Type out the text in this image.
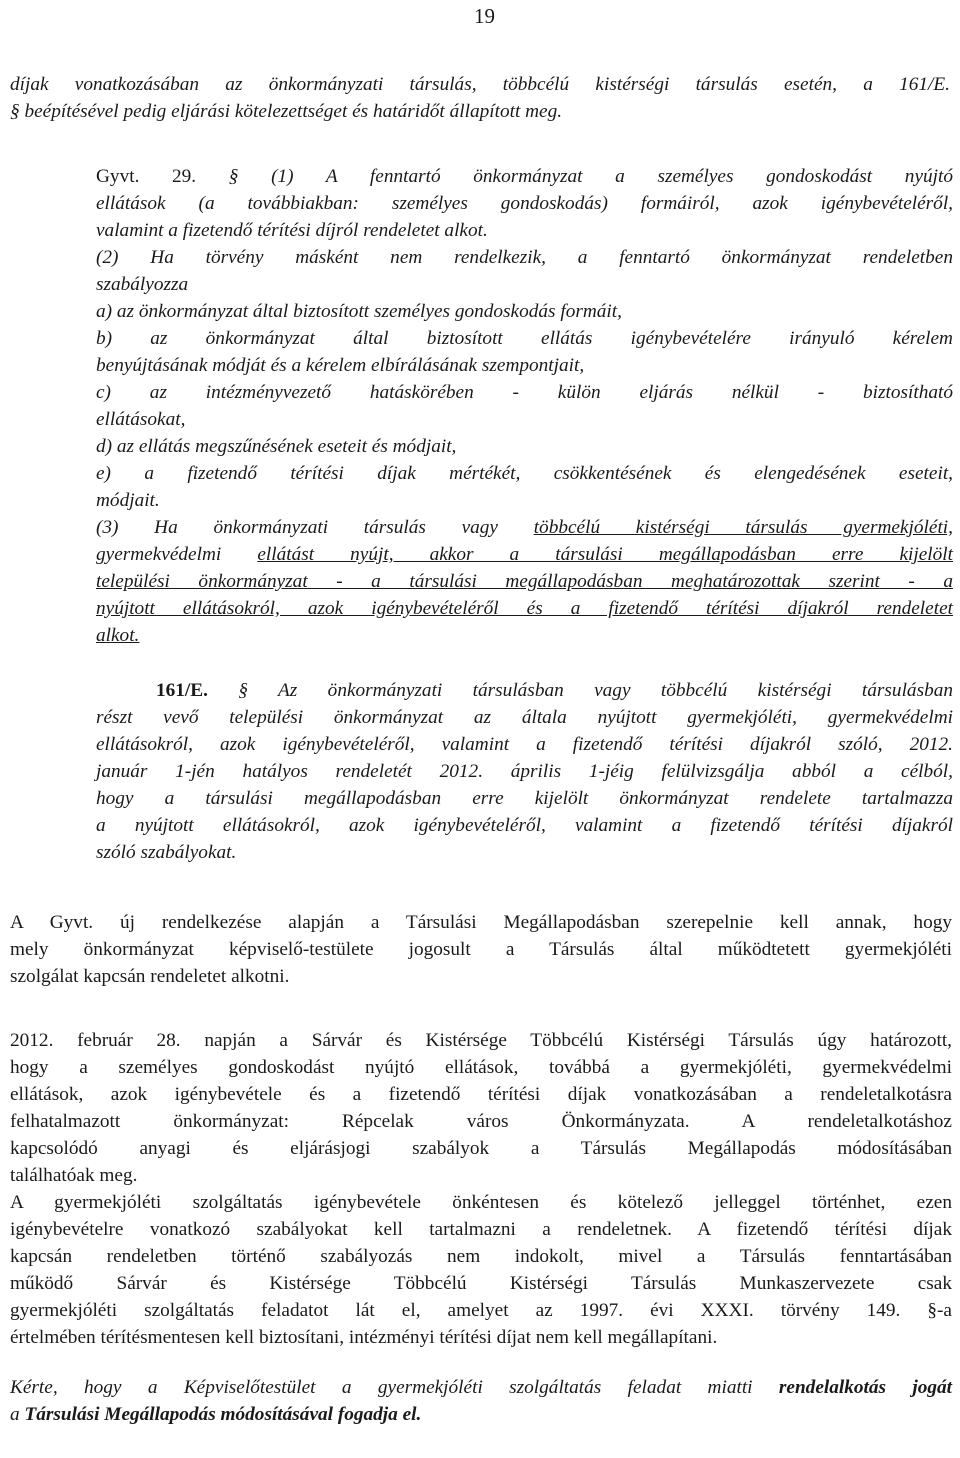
19
díjak vonatkozásában az önkormányzati társulás, többcélú kistérségi társulás esetén, a 161/E.
§ beépítésével pedig eljárási kötelezettséget és határidőt állapított meg.
Gyvt. 29. § (1) A fenntartó önkormányzat a személyes gondoskodást nyújtó
ellátások (a továbbiakban: személyes gondoskodás) formáiról, azok igénybevételéről,
valamint a fizetendő térítési díjról rendeletet alkot.
(2) Ha törvény másként nem rendelkezik, a fenntartó önkormányzat rendeletben
szabályozza
a) az önkormányzat által biztosított személyes gondoskodás formáit,
b) az önkormányzat által biztosított ellátás igénybevételére irányuló kérelem
benyújtásának módját és a kérelem elbírálásának szempontjait,
c) az intézményvezető hatáskörében - külön eljárás nélkül - biztosítható
ellátásokat,
d) az ellátás megszűnésének eseteit és módjait,
e) a fizetendő térítési díjak mértékét, csökkentésének és elengedésének eseteit,
módjait.
(3) Ha önkormányzati társulás vagy többcélú kistérségi társulás gyermekjóléti,
gyermekvédelmi ellátást nyújt, akkor a társulási megállapodásban erre kijelölt
települési önkormányzat - a társulási megállapodásban meghatározottak szerint - a
nyújtott ellátásokról, azok igénybevételéről és a fizetendő térítési díjakról rendeletet
alkot.
161/E. § Az önkormányzati társulásban vagy többcélú kistérségi társulásban
részt vevő települési önkormányzat az általa nyújtott gyermekjóléti, gyermekvédelmi
ellátásokról, azok igénybevételéről, valamint a fizetendő térítési díjakról szóló, 2012.
január 1-jén hatályos rendeletét 2012. április 1-jéig felülvizsgálja abból a célból,
hogy a társulási megállapodásban erre kijelölt önkormányzat rendelete tartalmazza
a nyújtott ellátásokról, azok igénybevételéről, valamint a fizetendő térítési díjakról
szóló szabályokat.
A Gyvt. új rendelkezése alapján a Társulási Megállapodásban szerepelnie kell annak, hogy
mely önkormányzat képviselő-testülete jogosult a Társulás által működtetett gyermekjóléti
szolgálat kapcsán rendeletet alkotni.
2012. február 28. napján a Sárvár és Kistérsége Többcélú Kistérségi Társulás úgy határozott,
hogy a személyes gondoskodást nyújtó ellátások, továbbá a gyermekjóléti, gyermekvédelmi
ellátások, azok igénybevétele és a fizetendő térítési díjak vonatkozásában a rendeletalkotásra
felhatalmazott önkormányzat: Répcelak város Önkormányzata. A rendeletalkotáshoz
kapcsolódó anyagi és eljárásjogi szabályok a Társulás Megállapodás módosításában
találhatóak meg.
A gyermekjóléti szolgáltatás igénybevétele önkéntesen és kötelező jelleggel történhet, ezen
igénybevételre vonatkozó szabályokat kell tartalmazni a rendeletnek. A fizetendő térítési díjak
kapcsán rendeletben történő szabályozás nem indokolt, mivel a Társulás fenntartásában
működő Sárvár és Kistérsége Többcélú Kistérségi Társulás Munkaszervezete csak
gyermekjóléti szolgáltatás feladatot lát el, amelyet az 1997. évi XXXI. törvény 149. §-a
értelmében térítésmentesen kell biztosítani, intézményi térítési díjat nem kell megállapítani.
Kérte, hogy a Képviselőtestület a gyermekjóléti szolgáltatás feladat miatti rendelalkotás jogát
a Társulási Megállapodás módosításával fogadja el.
